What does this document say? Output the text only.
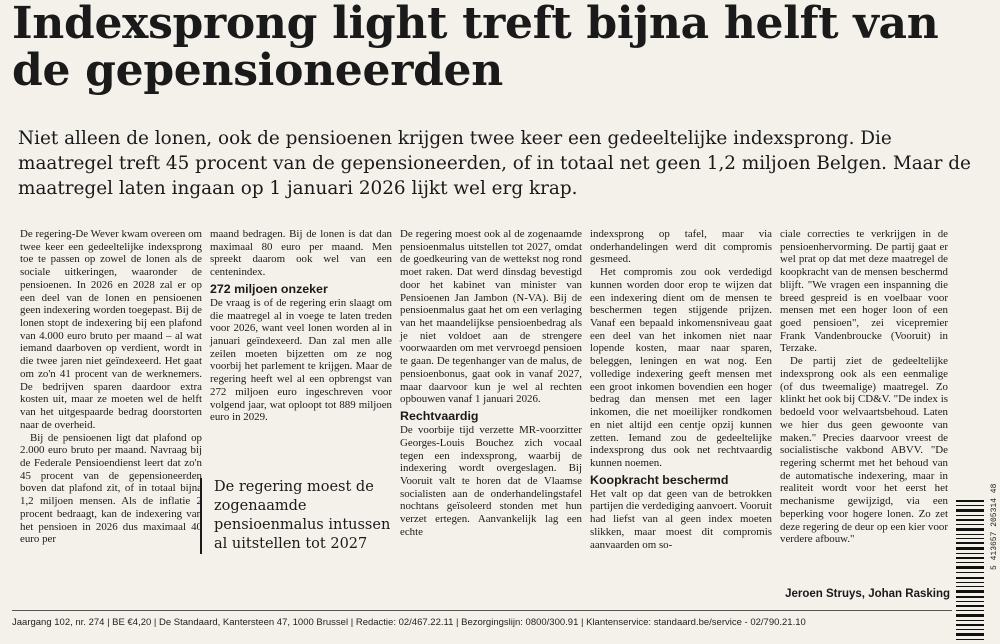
Indexsprong light treft bijna helft van de gepensioneerden

Niet alleen de lonen, ook de pensioenen krijgen twee keer een gedeeltelijke indexsprong. Die maatregel treft 45 procent van de gepensioneerden, of in totaal net geen 1,2 miljoen Belgen. Maar de maatregel laten ingaan op 1 januari 2026 lijkt wel erg krap.

De regering-De Wever kwam overeen om twee keer een gedeeltelijke indexsprong toe te passen op zowel de lonen als de sociale uitkeringen, waaronder de pensioenen. In 2026 en 2028 zal er op een deel van de lonen en pensioenen geen indexering worden toegepast. Bij de lonen stopt de indexering bij een plafond van 4.000 euro bruto per maand – al wat iemand daarboven op verdient, wordt in die twee jaren niet geïndexeerd. Het gaat om zo'n 41 procent van de werknemers. De bedrijven sparen daardoor extra kosten uit, maar ze moeten wel de helft van het uitgespaarde bedrag doorstorten naar de overheid.

Bij de pensioenen ligt dat plafond op 2.000 euro bruto per maand. Navraag bij de Federale Pensioendienst leert dat zo'n 45 procent van de gepensioneerden boven dat plafond zit, of in totaal bijna 1,2 miljoen mensen. Als de inflatie 2 procent bedraagt, kan de indexering van het pensioen in 2026 dus maximaal 40 euro per

maand bedragen. Bij de lonen is dat dan maximaal 80 euro per maand. Men spreekt daarom ook wel van een centenindex.

272 miljoen onzeker

De vraag is of de regering erin slaagt om die maatregel al in voege te laten treden voor 2026, want veel lonen worden al in januari geïndexeerd. Dan zal men alle zeilen moeten bijzetten om ze nog voorbij het parlement te krijgen. Maar de regering heeft wel al een opbrengst van 272 miljoen euro ingeschreven voor volgend jaar, wat oploopt tot 889 miljoen euro in 2029.

De regering moest de zogenaamde pensioenmalus intussen al uitstellen tot 2027

De regering moest ook al de zogenaamde pensioenmalus uitstellen tot 2027, omdat de goedkeuring van de wettekst nog rond moet raken. Dat werd dinsdag bevestigd door het kabinet van minister van Pensioenen Jan Jambon (N-VA). Bij de pensioenmalus gaat het om een verlaging van het maandelijkse pensioenbedrag als je niet voldoet aan de strengere voorwaarden om met vervroegd pensioen te gaan. De tegenhanger van de malus, de pensioenbonus, gaat ook in vanaf 2027, maar daarvoor kun je wel al rechten opbouwen vanaf 1 januari 2026.

Rechtvaardig

De voorbije tijd verzette MR-voorzitter Georges-Louis Bouchez zich vocaal tegen een indexsprong, waarbij de indexering wordt overgeslagen. Bij Vooruit valt te horen dat de Vlaamse socialisten aan de onderhandelingstafel nochtans geïsoleerd stonden met hun verzet ertegen. Aanvankelijk lag een echte

indexsprong op tafel, maar via onderhandelingen werd dit compromis gesmeed.

Het compromis zou ook verdedigd kunnen worden door erop te wijzen dat een indexering dient om de mensen te beschermen tegen stijgende prijzen. Vanaf een bepaald inkomensniveau gaat een deel van het inkomen niet naar lopende kosten, maar naar sparen, beleggen, leningen en wat nog. Een volledige indexering geeft mensen met een groot inkomen bovendien een hoger bedrag dan mensen met een lager inkomen, die net moeilijker rondkomen en niet altijd een centje opzij kunnen zetten. Iemand zou de gedeeltelijke indexsprong dus ook net rechtvaardig kunnen noemen.

Koopkracht beschermd

Het valt op dat geen van de betrokken partijen die verdediging aanvoert. Vooruit had liefst van al geen index moeten slikken, maar moest dit compromis aanvaarden om so-

ciale correcties te verkrijgen in de pensioenhervorming. De partij gaat er wel prat op dat met deze maatregel de koopkracht van de mensen beschermd blijft. "We vragen een inspanning die breed gespreid is en voelbaar voor mensen met een hoger loon of een goed pensioen", zei vicepremier Frank Vandenbroucke (Vooruit) in Terzake.

De partij ziet de gedeeltelijke indexsprong ook als een eenmalige (of dus tweemalige) maatregel. Zo klinkt het ook bij CD&V. "De index is bedoeld voor welvaartsbehoud. Laten we hier dus geen gewoonte van maken." Precies daarvoor vreest de socialistische vakbond ABVV. "De regering schermt met het behoud van de automatische indexering, maar in realiteit wordt voor het eerst het mechanisme gewijzigd, via een beperking voor hogere lonen. Zo zet deze regering de deur op een kier voor verdere afbouw."

Jeroen Struys, Johan Rasking
Jaargang 102, nr. 274 | BE €4,20 | De Standaard, Kantersteen 47, 1000 Brussel | Redactie: 02/467.22.11 | Bezorgingslijn: 0800/300.91 | Klantenservice: standaard.be/service - 02/790.21.10
5 413657 205314 48
